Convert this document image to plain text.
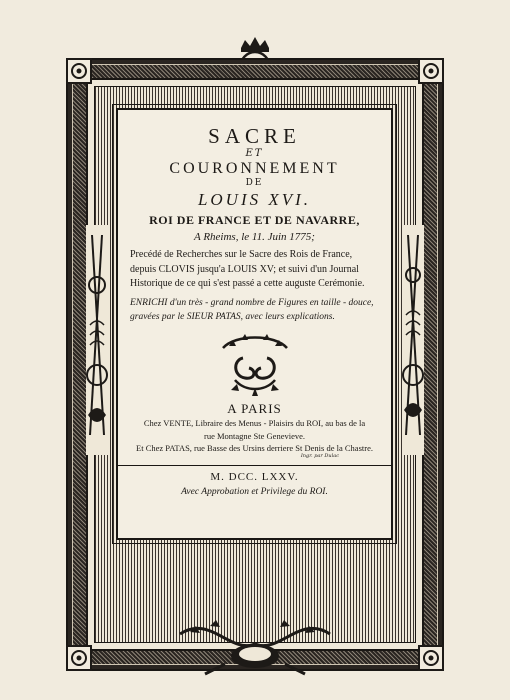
SACRE
ET
COURONNEMENT
DE
LOUIS XVI.
ROI DE FRANCE ET DE NAVARRE,
A Rheims, le 11. Juin 1775;
Precédé de Recherches sur le Sacre des Rois de France, depuis CLOVIS jusqu'a LOUIS XV; et suivi d'un Journal Historique de ce qui s'est passé a cette auguste Cerémonie.
ENRICHI d'un très - grand nombre de Figures en taille - douce, gravées par le SIEUR PATAS, avec leurs explications.
A PARIS
Chez VENTE, Libraire des Menus - Plaisirs du ROI, au bas de la
rue Montagne Ste Genevieve.
Et Chez PATAS, rue Basse des Ursins derriere St Denis de la Chastre.
Ingr. par Dulac
M. DCC. LXXV.
Avec Approbation et Privilege du ROI.
